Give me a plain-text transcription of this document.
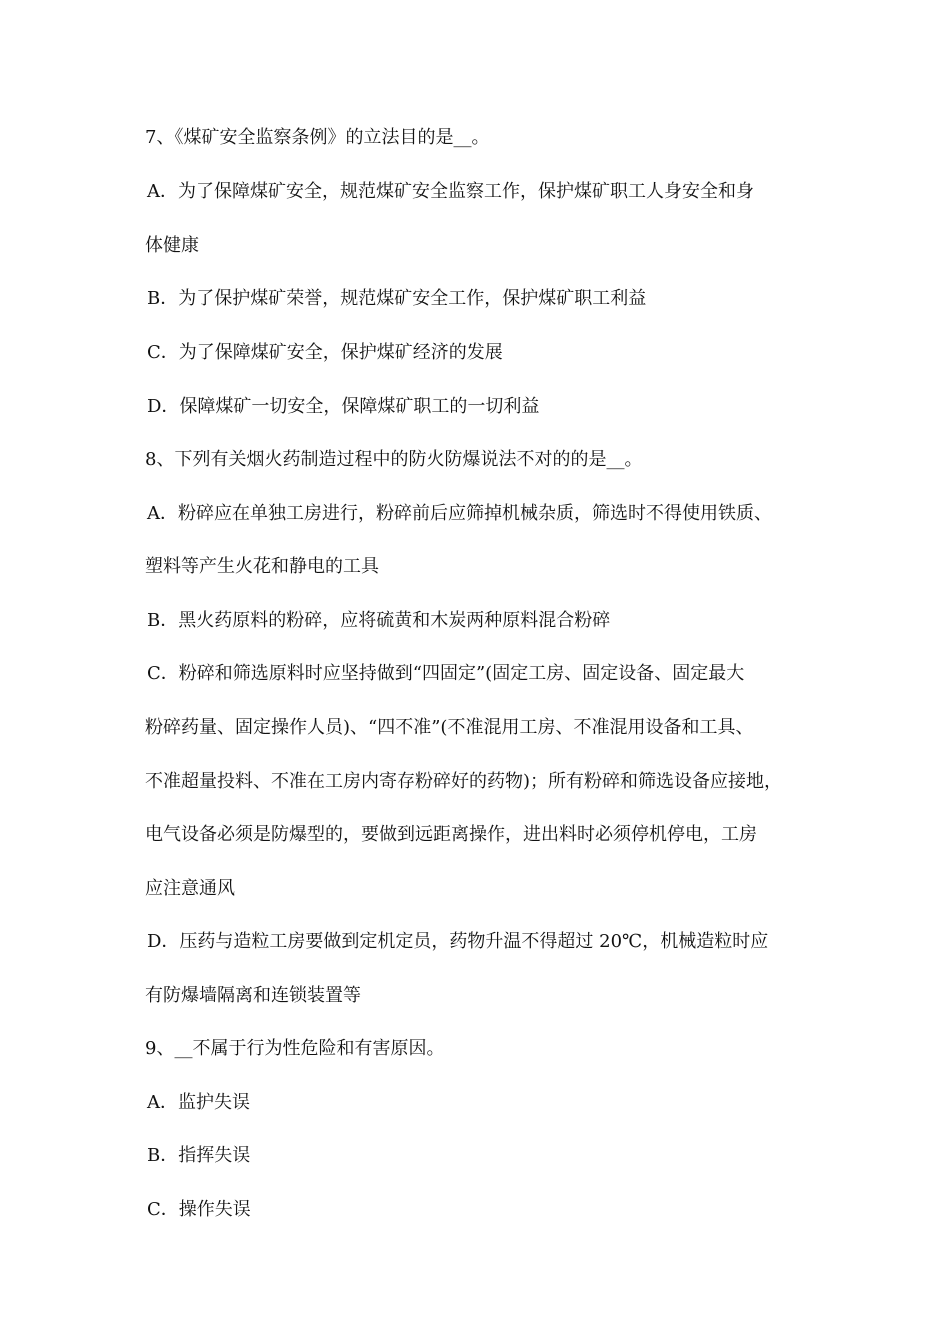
7、《煤矿安全监察条例》的立法目的是__。
A．为了保障煤矿安全，规范煤矿安全监察工作，保护煤矿职工人身安全和身
体健康
B．为了保护煤矿荣誉，规范煤矿安全工作，保护煤矿职工利益
C．为了保障煤矿安全，保护煤矿经济的发展
D．保障煤矿一切安全，保障煤矿职工的一切利益
8、下列有关烟火药制造过程中的防火防爆说法不对的的是__。
A．粉碎应在单独工房进行，粉碎前后应筛掉机械杂质，筛选时不得使用铁质、
塑料等产生火花和静电的工具
B．黑火药原料的粉碎，应将硫黄和木炭两种原料混合粉碎
C．粉碎和筛选原料时应坚持做到“四固定”(固定工房、固定设备、固定最大
粉碎药量、固定操作人员)、“四不准”(不准混用工房、不准混用设备和工具、
不准超量投料、不准在工房内寄存粉碎好的药物)；所有粉碎和筛选设备应接地，
电气设备必须是防爆型的，要做到远距离操作，进出料时必须停机停电，工房
应注意通风
D．压药与造粒工房要做到定机定员，药物升温不得超过 20℃，机械造粒时应
有防爆墙隔离和连锁装置等
9、__不属于行为性危险和有害原因。
A．监护失误
B．指挥失误
C．操作失误
